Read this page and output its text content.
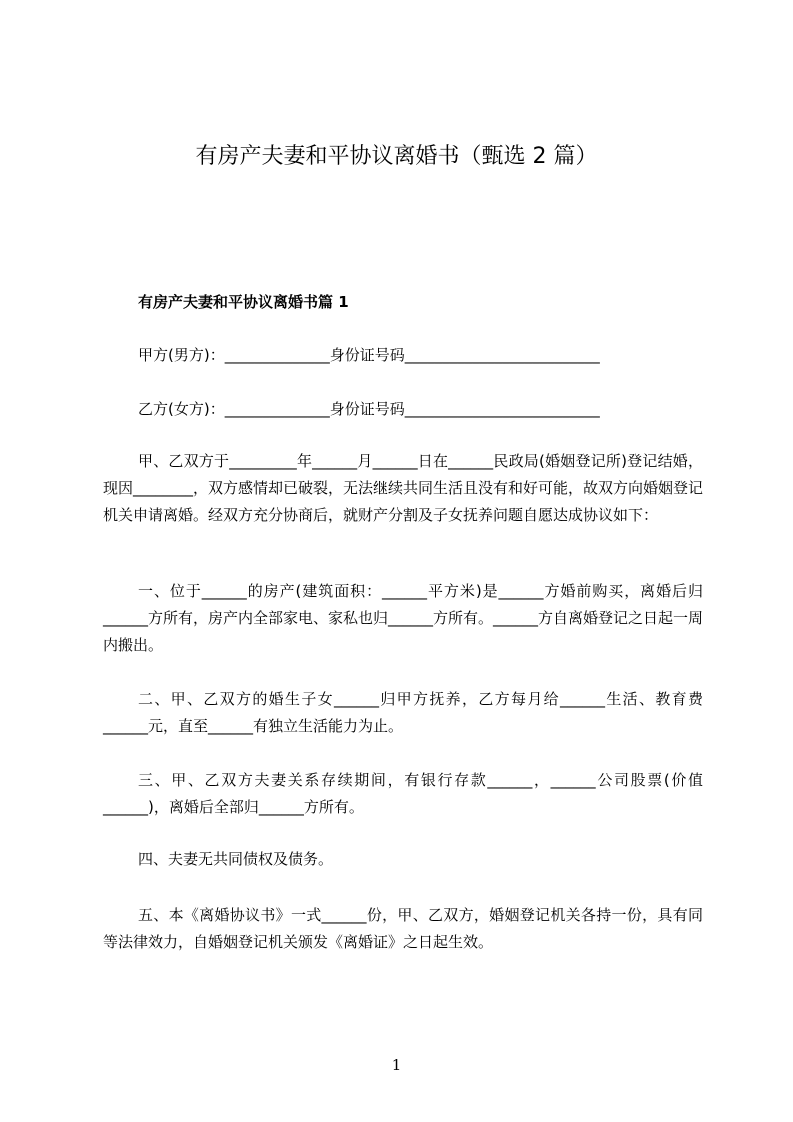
有房产夫妻和平协议离婚书（甄选 2 篇）
有房产夫妻和平协议离婚书篇 1
甲方(男方)：______________身份证号码__________________________
乙方(女方)：______________身份证号码__________________________
甲、乙双方于_________年______月______日在______民政局(婚姻登记所)登记结婚，现因________，双方感情却已破裂，无法继续共同生活且没有和好可能，故双方向婚姻登记机关申请离婚。经双方充分协商后，就财产分割及子女抚养问题自愿达成协议如下：
一、位于______的房产(建筑面积：______平方米)是______方婚前购买，离婚后归______方所有，房产内全部家电、家私也归______方所有。______方自离婚登记之日起一周内搬出。
二、甲、乙双方的婚生子女______归甲方抚养，乙方每月给______生活、教育费______元，直至______有独立生活能力为止。
三、甲、乙双方夫妻关系存续期间，有银行存款______，______公司股票(价值______)，离婚后全部归______方所有。
四、夫妻无共同债权及债务。
五、本《离婚协议书》一式______份，甲、乙双方，婚姻登记机关各持一份，具有同等法律效力，自婚姻登记机关颁发《离婚证》之日起生效。
1
